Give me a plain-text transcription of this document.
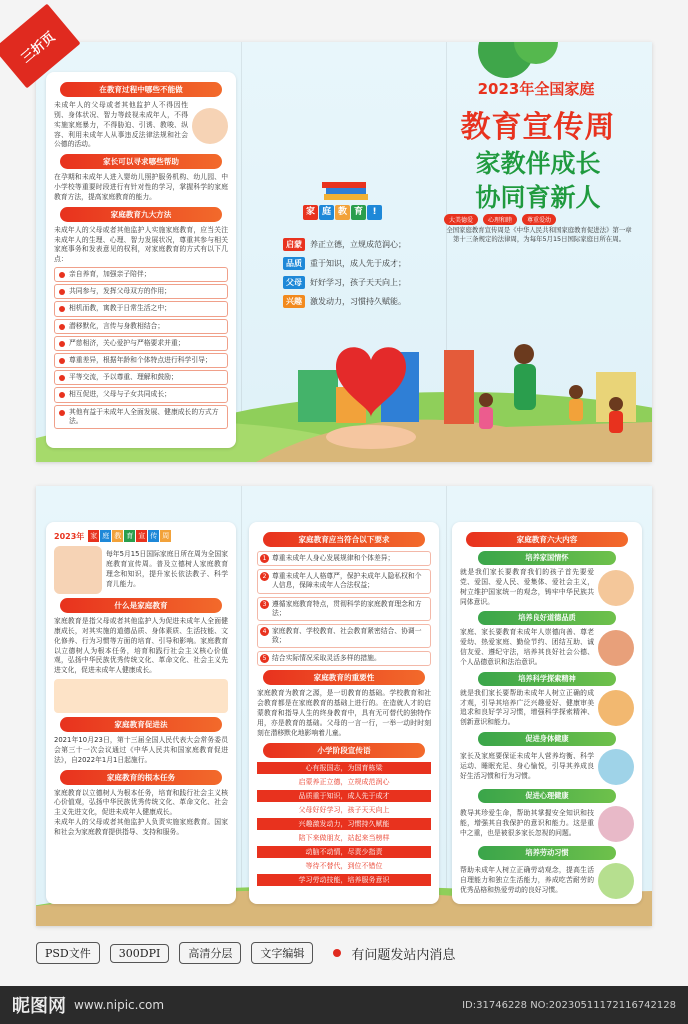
三折页
在教育过程中哪些不能做
未成年人的父母或者其他监护人不得因性别、身体状况、智力等歧视未成年人，不得实施家庭暴力，不得胁迫、引诱、教唆、纵容、利用未成年人从事违反法律法规和社会公德的活动。
家长可以寻求哪些帮助
在孕期和未成年人进入婴幼儿照护服务机构、幼儿园、中小学校等重要时段进行有针对性的学习，掌握科学的家庭教育方法，提高家庭教育的能力。
家庭教育九大方法
未成年人的父母或者其他监护人实施家庭教育，应当关注未成年人的生理、心理、智力发展状况，尊重其参与相关家庭事务和发表意见的权利，对家庭教育的方式有以下几点：
亲自养育，加强亲子陪伴；
共同参与，发挥父母双方的作用；
相机而教，寓教于日常生活之中；
潜移默化，言传与身教相结合；
严慈相济，关心爱护与严格要求并重；
尊重差异，根据年龄和个体特点进行科学引导；
平等交流，予以尊重、理解和鼓励；
相互促进，父母与子女共同成长；
其他有益于未成年人全面发展、健康成长的方式方法。
家 庭 教 育	!
启蒙	养正立德，立规成范润心；
品质	重于知识，成人先于成才；
父母	好好学习，孩子天天向上；
兴趣	激发动力，习惯持久赋能。
2023年全国家庭
教育宣传周
家教伴成长
协同育新人
大美德爱	心理和睦	尊重爱幼
全国家庭教育宣传周是《中华人民共和国家庭教育促进法》第一章第十三条规定的法律周，为每年5月15日国际家庭日所在周。
2023年 家 庭 教 育 宣 传 周
每年5月15日国际家庭日所在周为全国家庭教育宣传周。普及立德树人家庭教育理念和知识，提升家长依法教子、科学育儿能力。
什么是家庭教育
家庭教育是指父母或者其他监护人为促进未成年人全面健康成长，对其实施的道德品质、身体素质、生活技能、文化修养、行为习惯等方面的培育、引导和影响。家庭教育以立德树人为根本任务，培育和践行社会主义核心价值观，弘扬中华民族优秀传统文化、革命文化、社会主义先进文化，促进未成年人健康成长。
家庭教育促进法
2021年10月23日，第十三届全国人民代表大会常务委员会第三十一次会议通过《中华人民共和国家庭教育促进法》，自2022年1月1日起施行。
家庭教育的根本任务
家庭教育以立德树人为根本任务，培育和践行社会主义核心价值观，弘扬中华民族优秀传统文化、革命文化、社会主义先进文化，促进未成年人健康成长。
未成年人的父母或者其他监护人负责实施家庭教育。国家和社会为家庭教育提供指导、支持和服务。
家庭教育应当符合以下要求
1 尊重未成年人身心发展规律和个体差异；
2 尊重未成年人人格尊严，保护未成年人隐私权和个人信息，保障未成年人合法权益；
3 遵循家庭教育特点，贯彻科学的家庭教育理念和方法；
4 家庭教育、学校教育、社会教育紧密结合、协调一致；
5 结合实际情况采取灵活多样的措施。
家庭教育的重要性
家庭教育为教育之源，是一切教育的基础。学校教育和社会教育都是在家庭教育的基础上进行的。在造就人才的启蒙教育和指导人生的终身教育中，具有无可替代的独特作用，亦是教育的基础。父母的一言一行，一举一动时时刻刻在潜移默化地影响着儿童。
小学阶段宣传语
心有报国志，为国育栋梁
启蒙养正立德，立规成范润心
品质重于知识，成人先于成才
父母好好学习，孩子天天向上
兴趣激发动力，习惯持久赋能
陪下来做朋友，站起来当榜样
动脑不动情，尽责少指责
等待不替代，到位不错位
学习劳动技能，培养服务意识
家庭教育六大内容
培养家国情怀
就是我们家长要教育我们的孩子首先要爱党、爱国、爱人民、爱集体、爱社会主义，树立维护国家统一的观念，铸牢中华民族共同体意识。
培养良好道德品质
家庭、家长要教育未成年人崇德向善、尊老爱幼、热爱家庭、勤俭节约、团结互助、诚信友爱、遵纪守法，培养其良好社会公德、个人品德意识和法治意识。
培养科学探索精神
就是我们家长要帮助未成年人树立正确的成才观，引导其培养广泛兴趣爱好、健康审美追求和良好学习习惯，增强科学探索精神、创新意识和能力。
促进身体健康
家长及家庭要保证未成年人营养均衡、科学运动、睡眠充足、身心愉悦，引导其养成良好生活习惯和行为习惯。
促进心理健康
教导其珍爱生命，帮助其掌握安全知识和技能，增强其自我保护的意识和能力。这是重中之重，也是被很多家长忽视的问题。
培养劳动习惯
帮助未成年人树立正确劳动观念，提高生活自理能力和独立生活能力，养成吃苦耐劳的优秀品格和热爱劳动的良好习惯。
PSD文件	300DPI	高清分层	文字编辑	有问题发站内消息
昵图网 www.nipic.com	ID:31746228 NO:20230511172116742128
